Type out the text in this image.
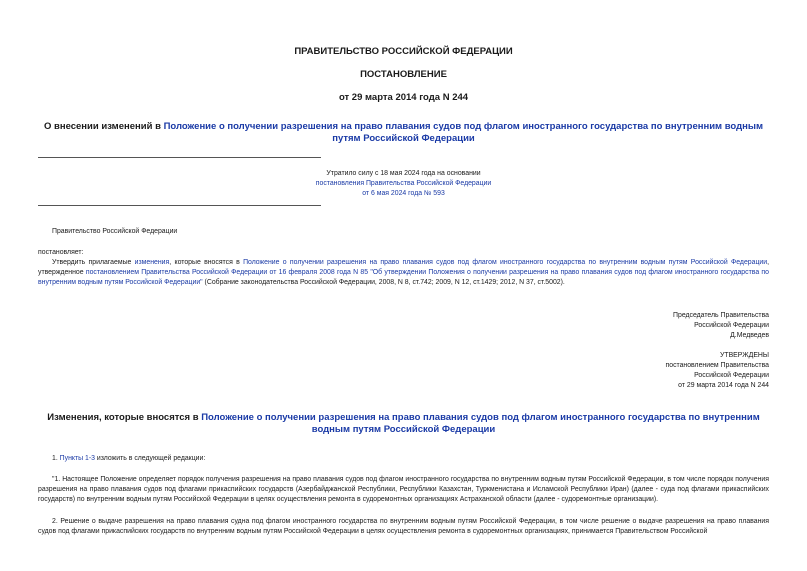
ПРАВИТЕЛЬСТВО РОССИЙСКОЙ ФЕДЕРАЦИИ
ПОСТАНОВЛЕНИЕ
от 29 марта 2014 года N 244
О внесении изменений в Положение о получении разрешения на право плавания судов под флагом иностранного государства по внутренним водным путям Российской Федерации
Утратило силу с 18 мая 2024 года на основании
постановления Правительства Российской Федерации
от 6 мая 2024 года № 593
Правительство Российской Федерации
постановляет:
Утвердить прилагаемые изменения, которые вносятся в Положение о получении разрешения на право плавания судов под флагом иностранного государства по внутренним водным путям Российской Федерации, утвержденное постановлением Правительства Российской Федерации от 16 февраля 2008 года N 85 "Об утверждении Положения о получении разрешения на право плавания судов под флагом иностранного государства по внутренним водным путям Российской Федерации" (Собрание законодательства Российской Федерации, 2008, N 8, ст.742; 2009, N 12, ст.1429; 2012, N 37, ст.5002).
Председатель Правительства
Российской Федерации
Д.Медведев
УТВЕРЖДЕНЫ
постановлением Правительства
Российской Федерации
от 29 марта 2014 года N 244
Изменения, которые вносятся в Положение о получении разрешения на право плавания судов под флагом иностранного государства по внутренним водным путям Российской Федерации
1. Пункты 1-3 изложить в следующей редакции:
"1. Настоящее Положение определяет порядок получения разрешения на право плавания судов под флагом иностранного государства по внутренним водным путям Российской Федерации, в том числе порядок получения разрешения на право плавания судов под флагами прикаспийских государств (Азербайджанской Республики, Республики Казахстан, Туркменистана и Исламской Республики Иран) (далее - суда под флагами прикаспийских государств) по внутренним водным путям Российской Федерации в целях осуществления ремонта в судоремонтных организациях Астраханской области (далее - судоремонтные организации).
2. Решение о выдаче разрешения на право плавания судна под флагом иностранного государства по внутренним водным путям Российской Федерации, в том числе решение о выдаче разрешения на право плавания судов под флагами прикаспийских государств по внутренним водным путям Российской Федерации в целях осуществления ремонта в судоремонтных организациях, принимается Правительством Российской
